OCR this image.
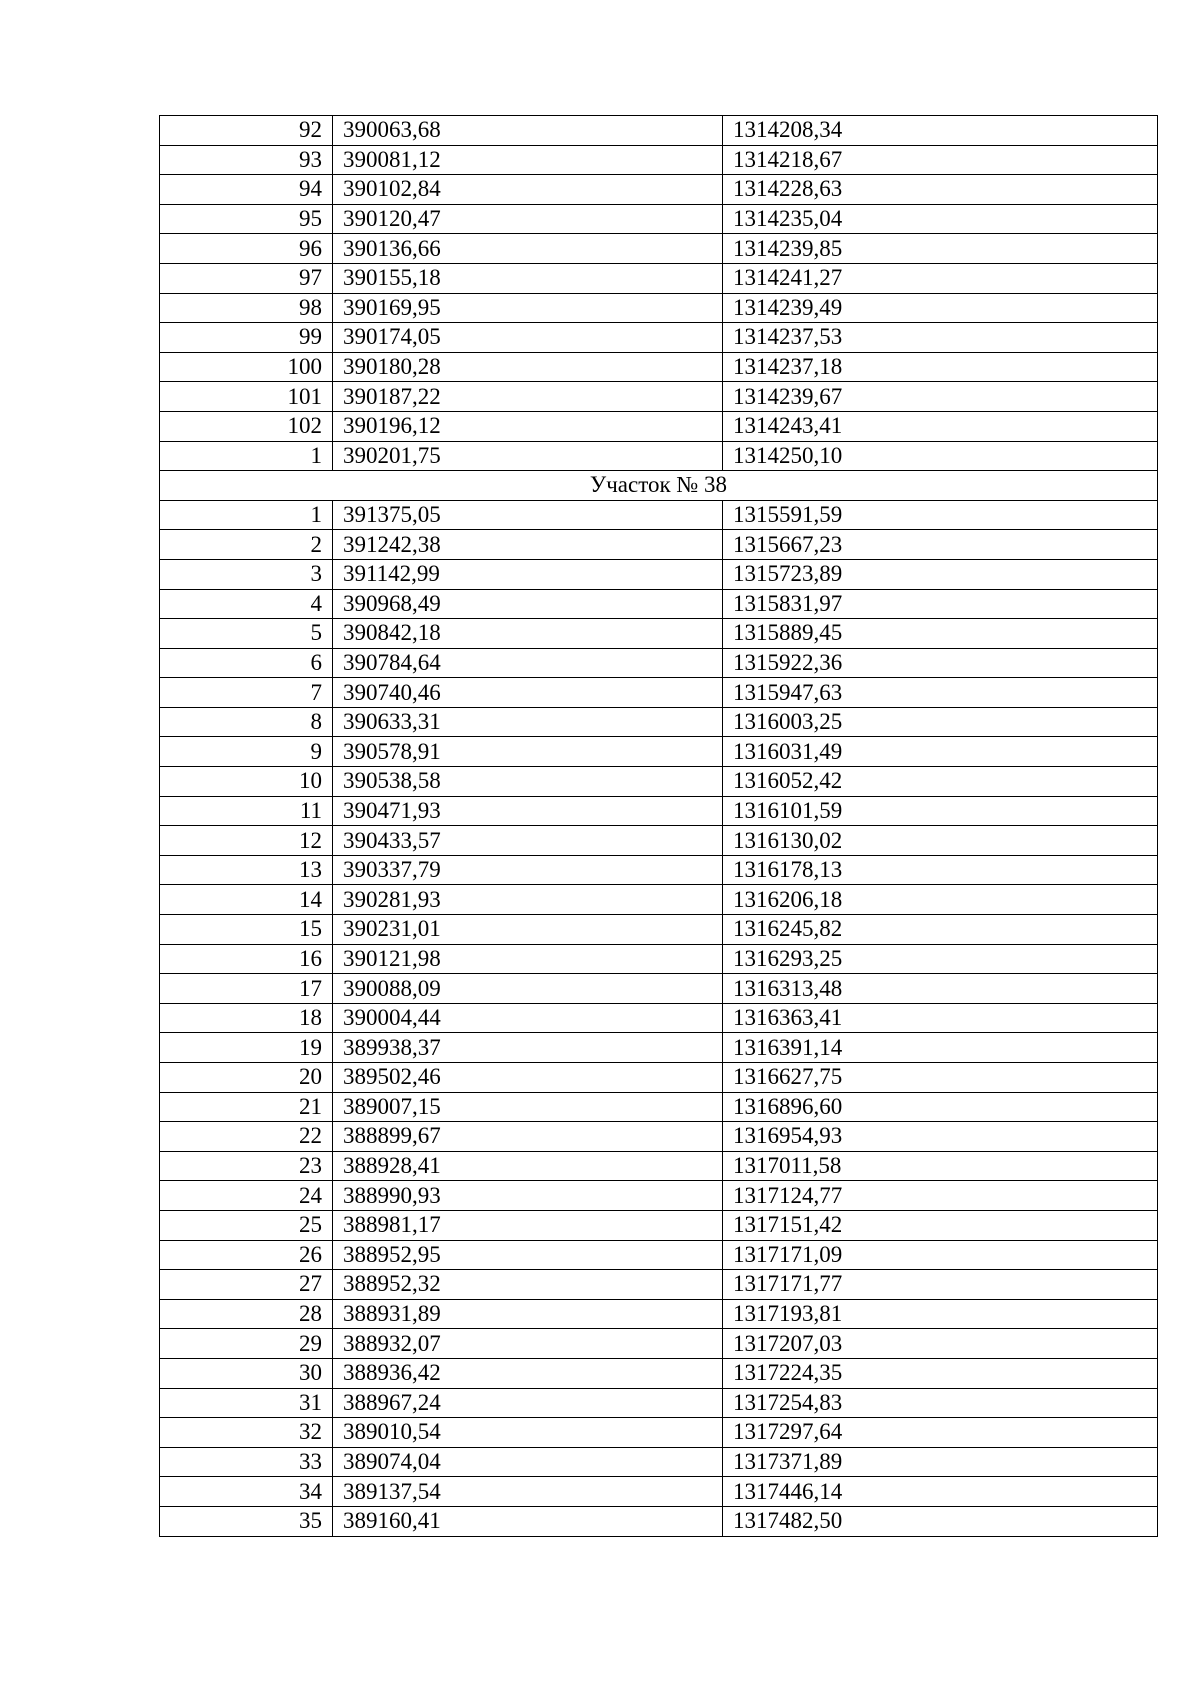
92	390063,68	1314208,34
93	390081,12	1314218,67
94	390102,84	1314228,63
95	390120,47	1314235,04
96	390136,66	1314239,85
97	390155,18	1314241,27
98	390169,95	1314239,49
99	390174,05	1314237,53
100	390180,28	1314237,18
101	390187,22	1314239,67
102	390196,12	1314243,41
1	390201,75	1314250,10
Участок № 38		
1	391375,05	1315591,59
2	391242,38	1315667,23
3	391142,99	1315723,89
4	390968,49	1315831,97
5	390842,18	1315889,45
6	390784,64	1315922,36
7	390740,46	1315947,63
8	390633,31	1316003,25
9	390578,91	1316031,49
10	390538,58	1316052,42
11	390471,93	1316101,59
12	390433,57	1316130,02
13	390337,79	1316178,13
14	390281,93	1316206,18
15	390231,01	1316245,82
16	390121,98	1316293,25
17	390088,09	1316313,48
18	390004,44	1316363,41
19	389938,37	1316391,14
20	389502,46	1316627,75
21	389007,15	1316896,60
22	388899,67	1316954,93
23	388928,41	1317011,58
24	388990,93	1317124,77
25	388981,17	1317151,42
26	388952,95	1317171,09
27	388952,32	1317171,77
28	388931,89	1317193,81
29	388932,07	1317207,03
30	388936,42	1317224,35
31	388967,24	1317254,83
32	389010,54	1317297,64
33	389074,04	1317371,89
34	389137,54	1317446,14
35	389160,41	1317482,50
